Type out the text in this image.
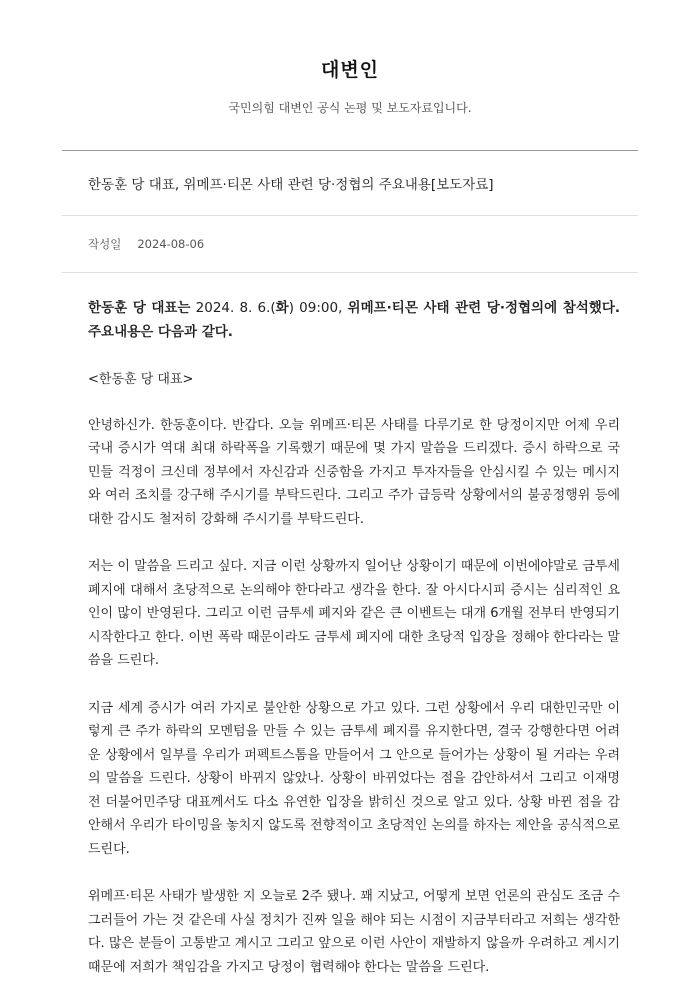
대변인
국민의힘 대변인 공식 논평 및 보도자료입니다.
한동훈 당 대표, 위메프·티몬 사태 관련 당·정협의 주요내용[보도자료]
작성일 2024-08-06

한동훈 당 대표는 2024. 8. 6.(화) 09:00, 위메프·티몬 사태 관련 당·정협의에 참석했다. 주요내용은 다음과 같다.

<한동훈 당 대표>

안녕하신가. 한동훈이다. 반갑다. 오늘 위메프·티몬 사태를 다루기로 한 당정이지만 어제 우리 국내 증시가 역대 최대 하락폭을 기록했기 때문에 몇 가지 말씀을 드리겠다. 증시 하락으로 국민들 걱정이 크신데 정부에서 자신감과 신중함을 가지고 투자자들을 안심시킬 수 있는 메시지와 여러 조치를 강구해 주시기를 부탁드린다. 그리고 주가 급등락 상황에서의 불공정행위 등에 대한 감시도 철저히 강화해 주시기를 부탁드린다.

저는 이 말씀을 드리고 싶다. 지금 이런 상황까지 일어난 상황이기 때문에 이번에야말로 금투세 폐지에 대해서 초당적으로 논의해야 한다라고 생각을 한다. 잘 아시다시피 증시는 심리적인 요인이 많이 반영된다. 그리고 이런 금투세 폐지와 같은 큰 이벤트는 대개 6개월 전부터 반영되기 시작한다고 한다. 이번 폭락 때문이라도 금투세 폐지에 대한 초당적 입장을 정해야 한다라는 말씀을 드린다.

지금 세계 증시가 여러 가지로 불안한 상황으로 가고 있다. 그런 상황에서 우리 대한민국만 이렇게 큰 주가 하락의 모멘텀을 만들 수 있는 금투세 폐지를 유지한다면, 결국 강행한다면 어려운 상황에서 일부를 우리가 퍼펙트스톰을 만들어서 그 안으로 들어가는 상황이 될 거라는 우려의 말씀을 드린다. 상황이 바뀌지 않았나. 상황이 바뀌었다는 점을 감안하셔서 그리고 이재명 전 더불어민주당 대표께서도 다소 유연한 입장을 밝히신 것으로 알고 있다. 상황 바뀐 점을 감안해서 우리가 타이밍을 놓치지 않도록 전향적이고 초당적인 논의를 하자는 제안을 공식적으로 드린다.

위메프·티몬 사태가 발생한 지 오늘로 2주 됐나. 꽤 지났고, 어떻게 보면 언론의 관심도 조금 수그러들어 가는 것 같은데 사실 정치가 진짜 일을 해야 되는 시점이 지금부터라고 저희는 생각한다. 많은 분들이 고통받고 계시고 그리고 앞으로 이런 사안이 재발하지 않을까 우려하고 계시기 때문에 저희가 책임감을 가지고 당정이 협력해야 한다는 말씀을 드린다.
